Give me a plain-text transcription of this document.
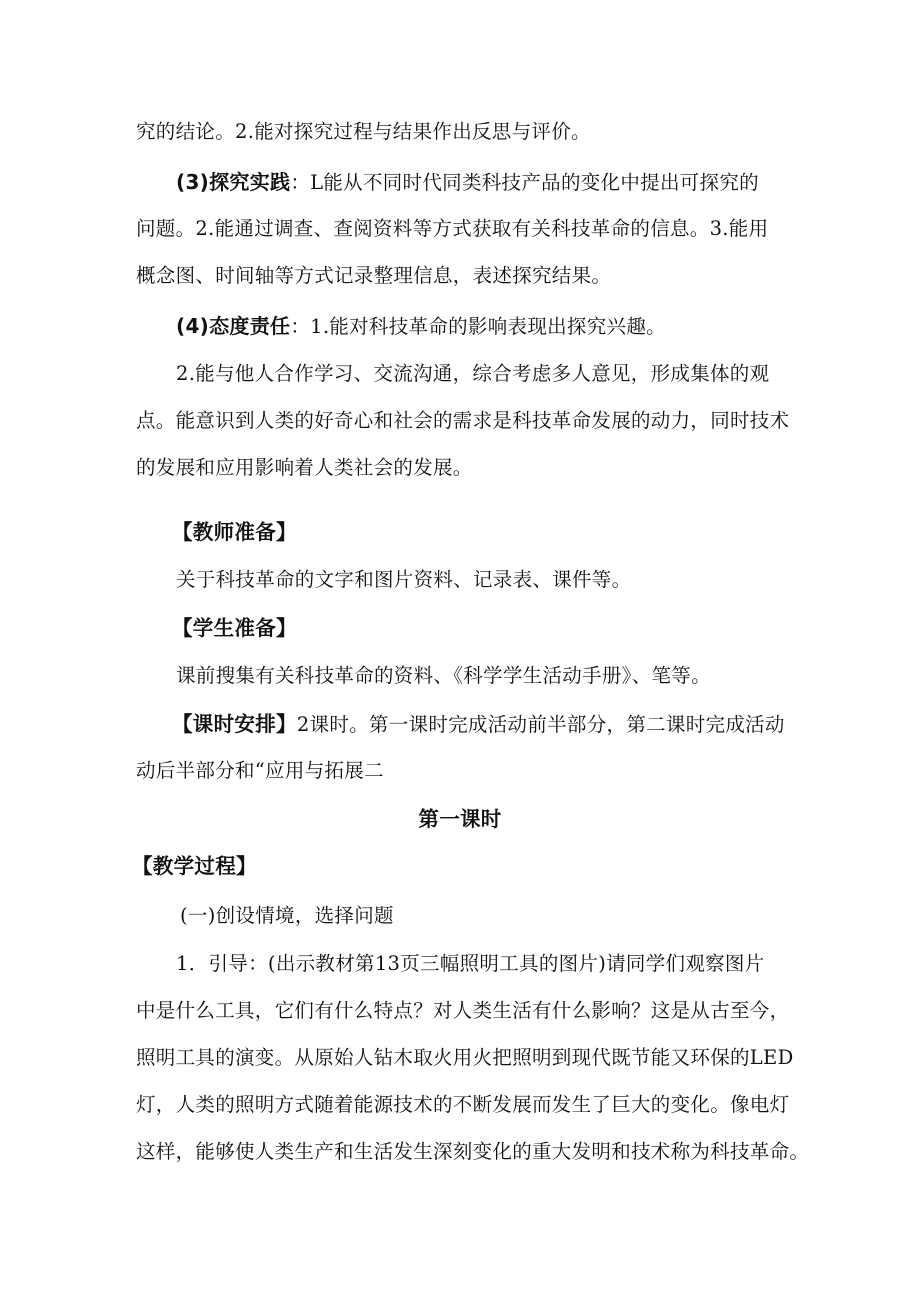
究的结论。2.能对探究过程与结果作出反思与评价。
(3)探究实践：L能从不同时代同类科技产品的变化中提出可探究的
问题。2.能通过调查、查阅资料等方式获取有关科技革命的信息。3.能用
概念图、时间轴等方式记录整理信息，表述探究结果。
(4)态度责任：1.能对科技革命的影响表现出探究兴趣。
2.能与他人合作学习、交流沟通，综合考虑多人意见，形成集体的观
点。能意识到人类的好奇心和社会的需求是科技革命发展的动力，同时技术
的发展和应用影响着人类社会的发展。
【教师准备】
关于科技革命的文字和图片资料、记录表、课件等。
【学生准备】
课前搜集有关科技革命的资料、《科学学生活动手册》、笔等。
【课时安排】2课时。第一课时完成活动前半部分，第二课时完成活动
动后半部分和“应用与拓展二
第一课时
【教学过程】
(一)创设情境，选择问题
1．引导：(出示教材第13页三幅照明工具的图片)请同学们观察图片
中是什么工具，它们有什么特点？对人类生活有什么影响？这是从古至今，
照明工具的演变。从原始人钻木取火用火把照明到现代既节能又环保的LED
灯，人类的照明方式随着能源技术的不断发展而发生了巨大的变化。像电灯
这样，能够使人类生产和生活发生深刻变化的重大发明和技术称为科技革命。
